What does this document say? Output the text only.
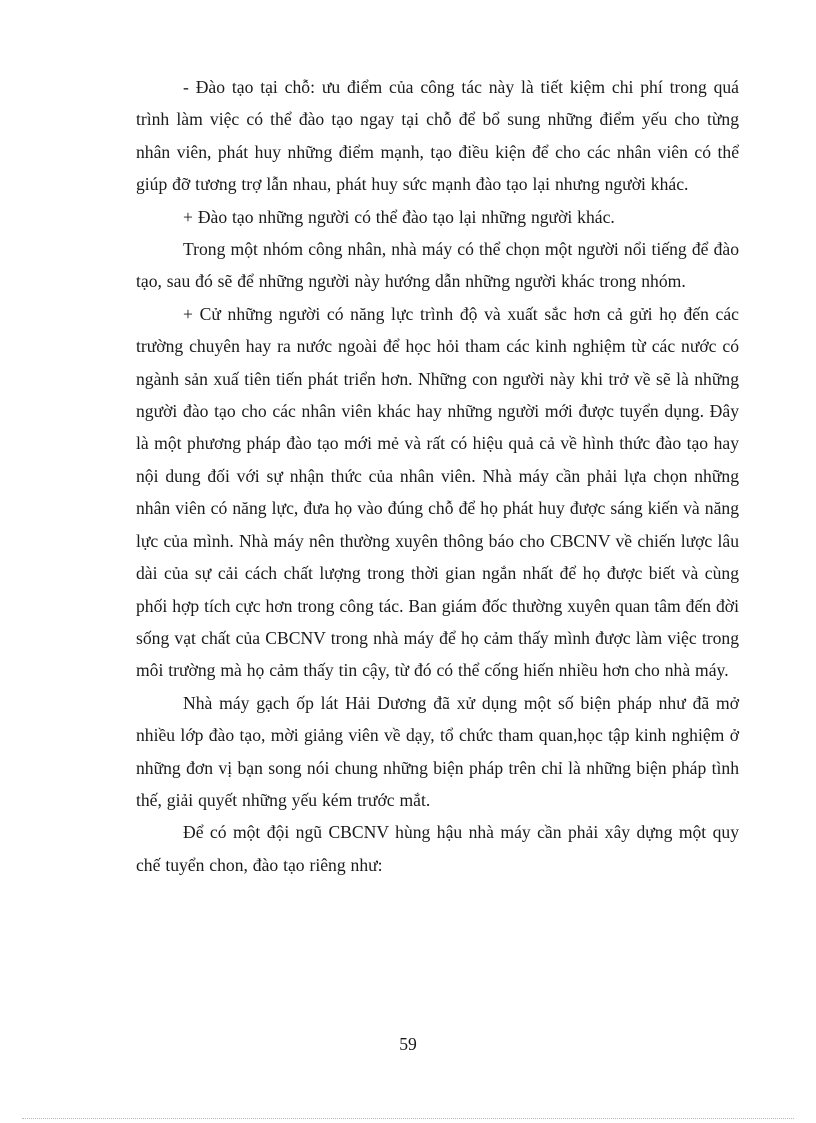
- Đào tạo tại chỗ: ưu điểm của công tác này là tiết kiệm chi phí trong quá trình làm việc có thể đào tạo ngay tại chỗ để bổ sung những điểm yếu cho từng nhân viên, phát huy những điểm mạnh, tạo điều kiện để cho các nhân viên có thể giúp đỡ tương trợ lẫn nhau, phát huy sức mạnh đào tạo lại nhưng người khác.

+ Đào tạo những người có thể đào tạo lại những người khác.

Trong một nhóm công nhân, nhà máy có thể chọn một người nổi tiếng để đào tạo, sau đó sẽ để những người này hướng dẫn những người khác trong nhóm.

+ Cử những người có năng lực trình độ và xuất sắc hơn cả gửi họ đến các trường chuyên hay ra nước ngoài để học hỏi tham các kinh nghiệm từ các nước có ngành sản xuấ tiên tiến phát triển hơn. Những con người này khi trở về sẽ là những người đào tạo cho các nhân viên khác hay những người mới được tuyển dụng. Đây là một phương pháp đào tạo mới mẻ và rất có hiệu quả cả về hình thức đào tạo hay nội dung đối với sự nhận thức của nhân viên. Nhà máy cần phải lựa chọn những nhân viên có năng lực, đưa họ vào đúng chỗ để họ phát huy được sáng kiến và năng lực của mình. Nhà máy nên thường xuyên thông báo cho CBCNV về chiến lược lâu dài của sự cải cách chất lượng trong thời gian ngắn nhất để họ được biết và cùng phối hợp tích cực hơn trong công tác. Ban giám đốc thường xuyên quan tâm đến đời sống vạt chất của CBCNV trong nhà máy để họ cảm thấy mình được làm việc trong môi trường mà họ cảm thấy tin cậy, từ đó có thể cống hiến nhiều hơn cho nhà máy.

Nhà máy gạch ốp lát Hải Dương đã xử dụng một số biện pháp như đã mở nhiều lớp đào tạo, mời giảng viên về dạy, tổ chức tham quan,học tập kinh nghiệm ở những đơn vị bạn song nói chung những biện pháp trên chỉ là những biện pháp tình thế, giải quyết những yếu kém trước mắt.

Để có một đội ngũ CBCNV hùng hậu nhà máy cần phải xây dựng một quy chế tuyển chon, đào tạo riêng như:

59
